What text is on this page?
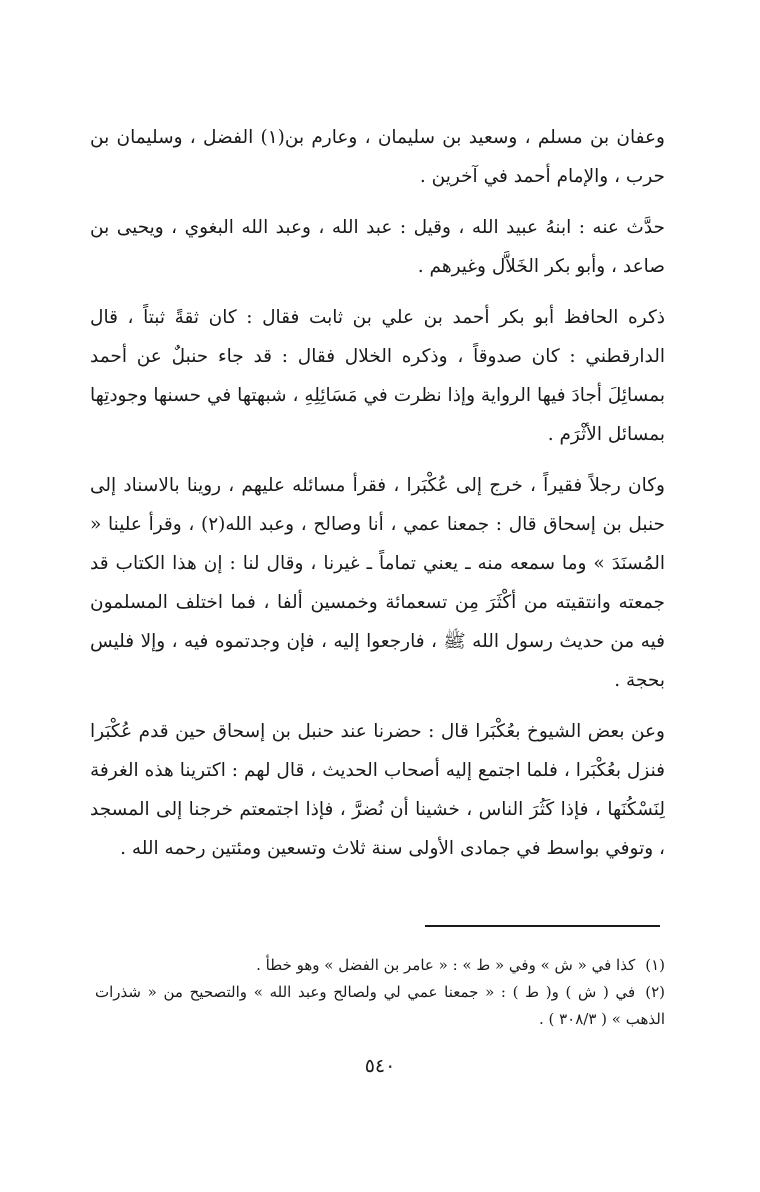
وعفان بن مسلم ، وسعيد بن سليمان ، وعارم بن(١) الفضل ، وسليمان بن حرب ، والإمام أحمد في آخرين .

حدَّث عنه : ابنهُ عبيد الله ، وقيل : عبد الله ، وعبد الله البغوي ، ويحيى بن صاعد ، وأبو بكر الخَلاَّل وغيرهم .

ذكره الحافظ أبو بكر أحمد بن علي بن ثابت فقال : كان ثقةً ثبتاً ، قال الدارقطني : كان صدوقاً ، وذكره الخلال فقال : قد جاء حنبلٌ عن أحمد بمسائِلَ أجادَ فيها الرواية وإذا نظرت في مَسَائِلِهِ ، شبهتها في حسنها وجودتِها بمسائل الأثْرَم .

وكان رجلاً فقيراً ، خرج إلى عُكْبَرا ، فقرأ مسائله عليهم ، روينا بالاسناد إلى حنبل بن إسحاق قال : جمعنا عمي ، أنا وصالح ، وعبد الله(٢) ، وقرأ علينا « المُسنَدَ » وما سمعه منه ـ يعني تماماً ـ غيرنا ، وقال لنا : إن هذا الكتاب قد جمعته وانتقيته من أكْثَرَ مِن تسعمائة وخمسين ألفا ، فما اختلف المسلمون فيه من حديث رسول الله ﷺ ، فارجعوا إليه ، فإن وجدتموه فيه ، وإلا فليس بحجة .

وعن بعض الشيوخ بعُكْبَرا قال : حضرنا عند حنبل بن إسحاق حين قدم عُكْبَرا فنزل بعُكْبَرا ، فلما اجتمع إليه أصحاب الحديث ، قال لهم : اكترينا هذه الغرفة لِنَسْكُنَها ، فإذا كَثُرَ الناس ، خشينا أن نُضرَّ ، فإذا اجتمعتم خرجنا إلى المسجد ، وتوفي بواسط في جمادى الأولى سنة ثلاث وتسعين ومئتين رحمه الله .

(١)كذا في « ش » وفي « ط » : « عامر بن الفضل » وهو خطأ .

(٢)في ( ش ) و( ط ) : « جمعنا عمي لي ولصالح وعبد الله » والتصحيح من « شذرات الذهب » ( ٣٠٨/٣ ) .

٥٤٠
